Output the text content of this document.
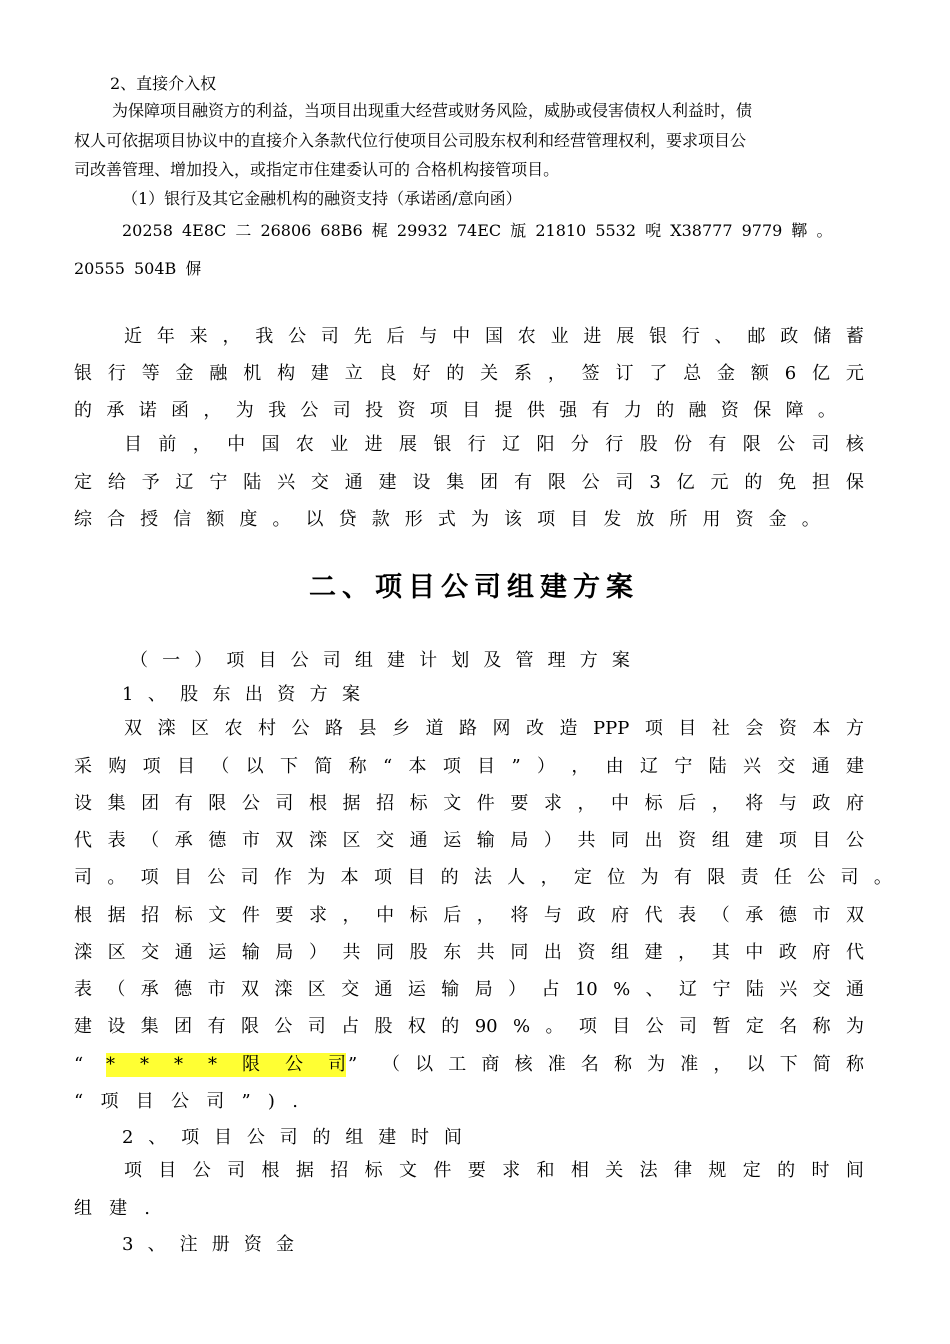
2、直接介入权
为保障项目融资方的利益，当项目出现重大经营或财务风险，威胁或侵害债权人利益时，债
权人可依据项目协议中的直接介入条款代位行使项目公司股东权利和经营管理权利，要求项目公
司改善管理、增加投入，或指定市住建委认可的 合格机构接管项目。
（1）银行及其它金融机构的融资支持（承诺函/意向函）
20258 4E8C 二 26806 68B6 梶 29932 74EC 瓬 21810 5532 唲 X38777 9779 鞹 。
20555 504B 偋
近 年 来 ， 我 公 司 先 后 与 中 国 农 业 进 展 银 行 、 邮 政 储 蓄
银 行 等 金 融 机 构 建 立 良 好 的 关 系 ， 签 订 了 总 金 额 6 亿 元
的 承 诺 函 ， 为 我 公 司 投 资 项 目 提 供 强 有 力 的 融 资 保 障 。
目 前 ， 中 国 农 业 进 展 银 行 辽 阳 分 行 股 份 有 限 公 司 核
定 给 予 辽 宁 陆 兴 交 通 建 设 集 团 有 限 公 司 3 亿 元 的 免 担 保
综 合 授 信 额 度 。 以 贷 款 形 式 为 该 项 目 发 放 所 用 资 金 。
二、项目公司组建方案
（ 一 ） 项 目 公 司 组 建 计 划 及 管 理 方 案
1 、 股 东 出 资 方 案
双 滦 区 农 村 公 路 县 乡 道 路 网 改 造 PPP 项 目 社 会 资 本 方
采 购 项 目 （ 以 下 简 称 “ 本 项 目 ” ） ， 由 辽 宁 陆 兴 交 通 建
设 集 团 有 限 公 司 根 据 招 标 文 件 要 求 ， 中 标 后 ， 将 与 政 府
代 表 （ 承 德 市 双 滦 区 交 通 运 输 局 ） 共 同 出 资 组 建 项 目 公
司 。 项 目 公 司 作 为 本 项 目 的 法 人 ， 定 位 为 有 限 责 任 公 司 。
根 据 招 标 文 件 要 求 ， 中 标 后 ， 将 与 政 府 代 表 （ 承 德 市 双
滦 区 交 通 运 输 局 ） 共 同 股 东 共 同 出 资 组 建 ， 其 中 政 府 代
表 （ 承 德 市 双 滦 区 交 通 运 输 局 ） 占 10 % 、 辽 宁 陆 兴 交 通
建 设 集 团 有 限 公 司 占 股 权 的 90 % 。 项 目 公 司 暂 定 名 称 为
“ * * * * 限 公 司 ” （ 以 工 商 核 准 名 称 为 准 ， 以 下 简 称
“ 项 目 公 司 ” ) .
2 、 项 目 公 司 的 组 建 时 间
项 目 公 司 根 据 招 标 文 件 要 求 和 相 关 法 律 规 定 的 时 间
组 建 .
3 、 注 册 资 金
